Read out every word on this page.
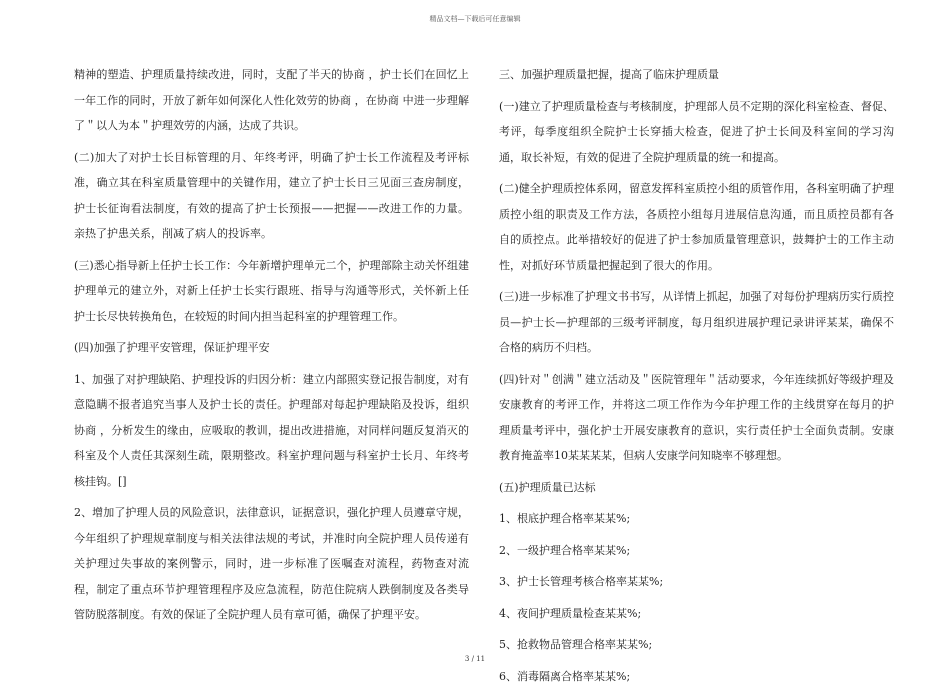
精品文档—下载后可任意编辑

精神的塑造、护理质量持续改进，同时，支配了半天的协商 ，护士长们在回忆上一年工作的同时，开放了新年如何深化人性化效劳的协商 ，在协商 中进一步理解了＂以人为本＂护理效劳的内涵，达成了共识。

(二)加大了对护士长目标管理的月、年终考评，明确了护士长工作流程及考评标准，确立其在科室质量管理中的关键作用，建立了护士长日三见面三查房制度，护士长征询看法制度，有效的提高了护士长预报——把握——改进工作的力量。亲热了护患关系，削减了病人的投诉率。

(三)悉心指导新上任护士长工作：今年新增护理单元二个，护理部除主动关怀组建护理单元的建立外，对新上任护士长实行跟班、指导与沟通等形式，关怀新上任护士长尽快转换角色，在较短的时间内担当起科室的护理管理工作。

(四)加强了护理平安管理，保证护理平安

1、加强了对护理缺陷、护理投诉的归因分析：建立内部照实登记报告制度，对有意隐瞒不报者追究当事人及护士长的责任。护理部对每起护理缺陷及投诉，组织协商 ，分析发生的缘由，应吸取的教训，提出改进措施，对同样问题反复消灭的科室及个人责任其深刻生疏，限期整改。科室护理问题与科室护士长月、年终考核挂钩。[]

2、增加了护理人员的风险意识，法律意识，证据意识，强化护理人员遵章守规，今年组织了护理规章制度与相关法律法规的考试，并准时向全院护理人员传递有关护理过失事故的案例警示，同时，进一步标准了医嘱查对流程，药物查对流程，制定了重点环节护理管理程序及应急流程，防范住院病人跌倒制度及各类导管防脱落制度。有效的保证了全院护理人员有章可循，确保了护理平安。

三、加强护理质量把握，提高了临床护理质量

(一)建立了护理质量检查与考核制度，护理部人员不定期的深化科室检查、督促、考评，每季度组织全院护士长穿插大检查，促进了护士长间及科室间的学习沟通，取长补短，有效的促进了全院护理质量的统一和提高。

(二)健全护理质控体系网，留意发挥科室质控小组的质管作用，各科室明确了护理质控小组的职责及工作方法，各质控小组每月进展信息沟通，而且质控员都有各自的质控点。此举措较好的促进了护士参加质量管理意识，鼓舞护士的工作主动性，对抓好环节质量把握起到了很大的作用。

(三)进一步标准了护理文书书写，从详情上抓起，加强了对每份护理病历实行质控员—护士长—护理部的三级考评制度，每月组织进展护理记录讲评某某，确保不合格的病历不归档。

(四)针对＂创满＂建立活动及＂医院管理年＂活动要求，今年连续抓好等级护理及安康教育的考评工作，并将这二项工作作为今年护理工作的主线贯穿在每月的护理质量考评中，强化护士开展安康教育的意识，实行责任护士全面负责制。安康教育掩盖率10某某某某，但病人安康学问知晓率不够理想。

(五)护理质量已达标

1、根底护理合格率某某%;

2、一级护理合格率某某%;

3、护士长管理考核合格率某某%;

4、夜间护理质量检查某某%;

5、抢救物品管理合格率某某%;

6、消毒隔离合格率某某%;

3 / 11
